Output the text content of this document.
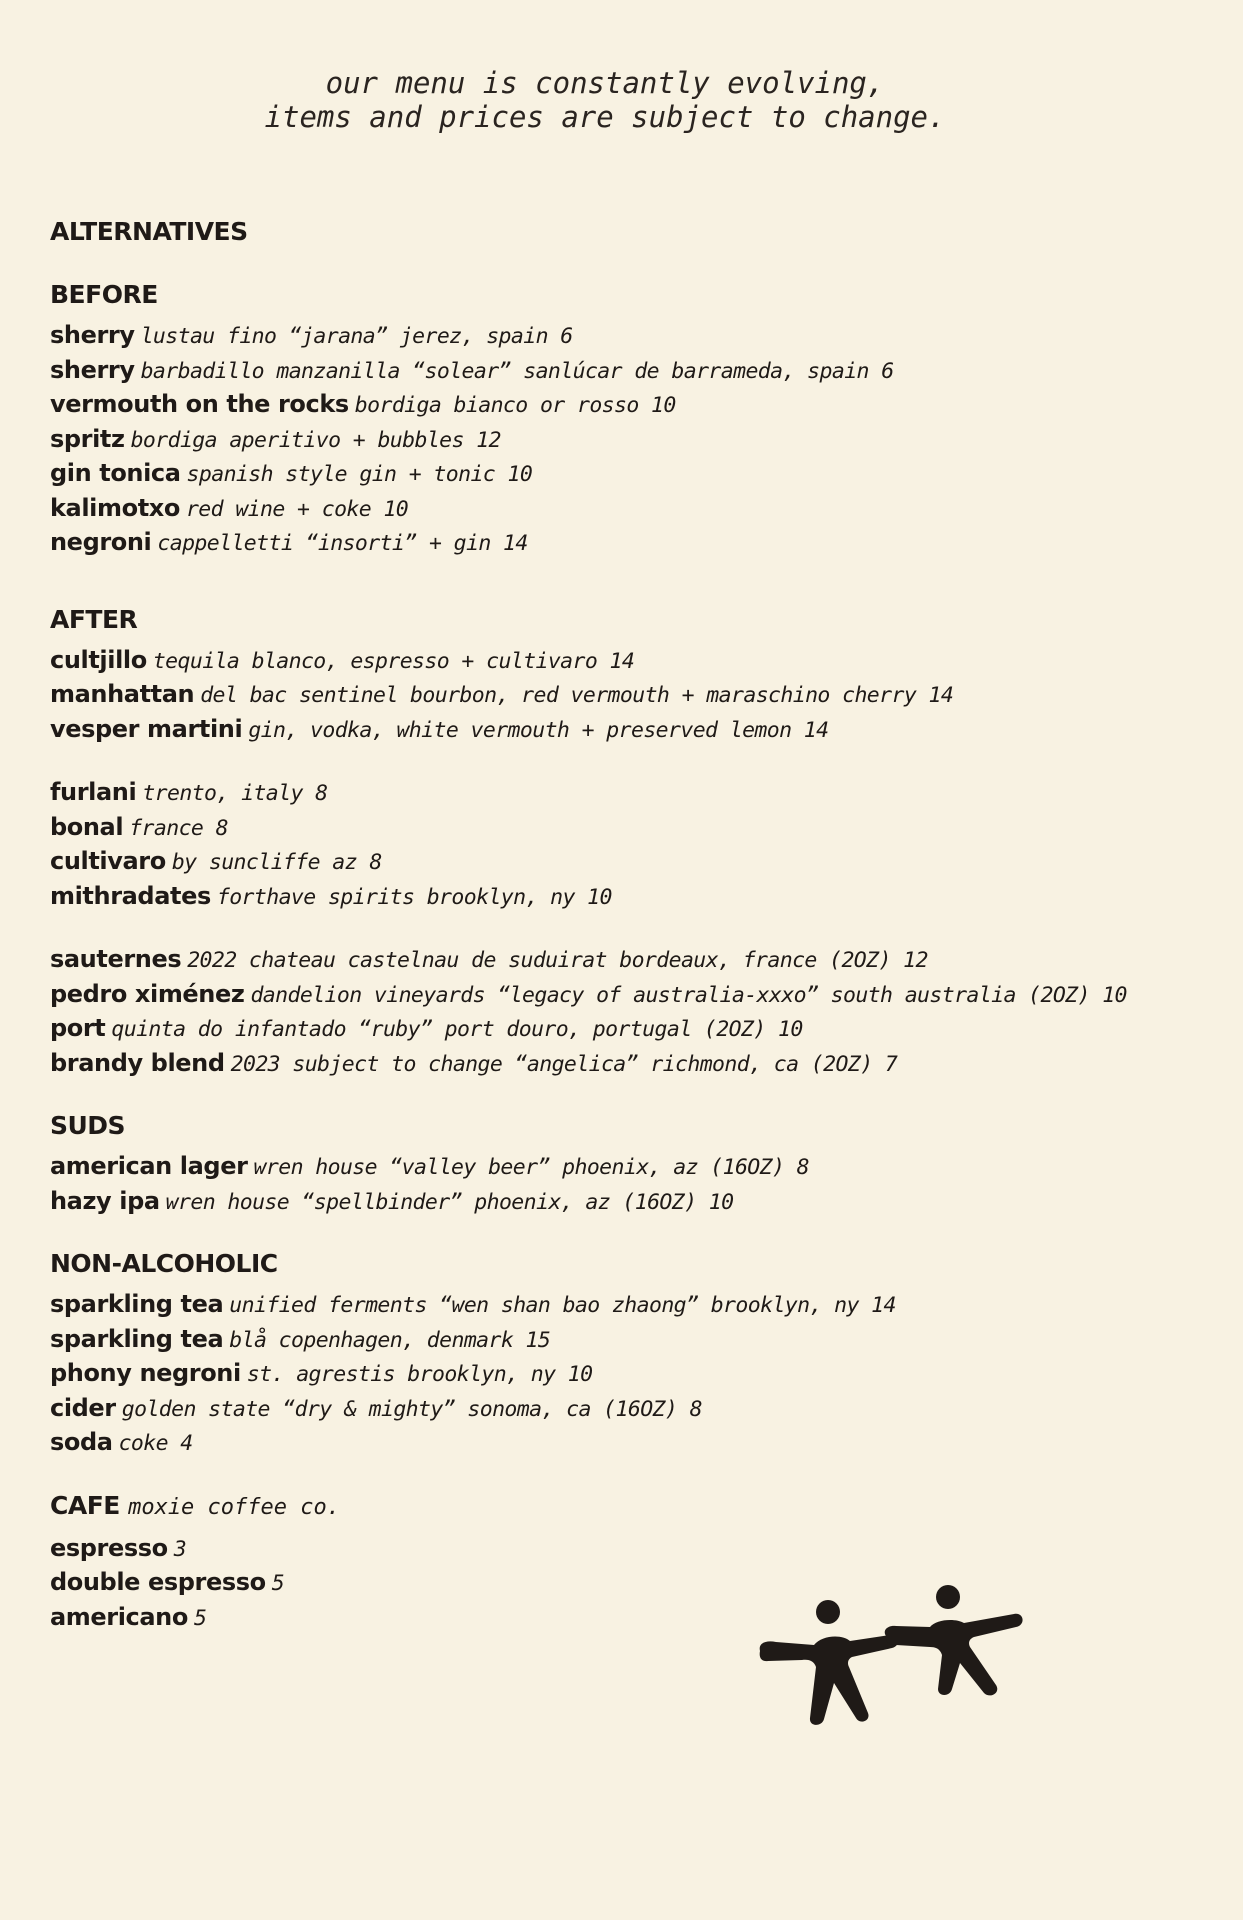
our menu is constantly evolving,
items and prices are subject to change.
ALTERNATIVES
BEFORE
sherry lustau fino “jarana” jerez, spain 6
sherry barbadillo manzanilla “solear” sanlúcar de barrameda, spain 6
vermouth on the rocks bordiga bianco or rosso 10
spritz bordiga aperitivo + bubbles 12
gin tonica spanish style gin + tonic 10
kalimotxo red wine + coke 10
negroni cappelletti “insorti” + gin 14
AFTER
cultjillo tequila blanco, espresso + cultivaro 14
manhattan del bac sentinel bourbon, red vermouth + maraschino cherry 14
vesper martini gin, vodka, white vermouth + preserved lemon 14
furlani trento, italy 8
bonal france 8
cultivaro by suncliffe az 8
mithradates forthave spirits brooklyn, ny 10
sauternes 2022 chateau castelnau de suduirat bordeaux, france (2OZ) 12
pedro ximénez dandelion vineyards “legacy of australia-xxxo” south australia (2OZ) 10
port quinta do infantado “ruby” port douro, portugal (2OZ) 10
brandy blend 2023 subject to change “angelica” richmond, ca (2OZ) 7
SUDS
american lager wren house “valley beer” phoenix, az (16OZ) 8
hazy ipa wren house “spellbinder” phoenix, az (16OZ) 10
NON-ALCOHOLIC
sparkling tea unified ferments “wen shan bao zhaong” brooklyn, ny 14
sparkling tea blå copenhagen, denmark 15
phony negroni st. agrestis brooklyn, ny 10
cider golden state “dry & mighty” sonoma, ca (16OZ) 8
soda coke 4
CAFE moxie coffee co.
espresso 3
double espresso 5
americano 5
